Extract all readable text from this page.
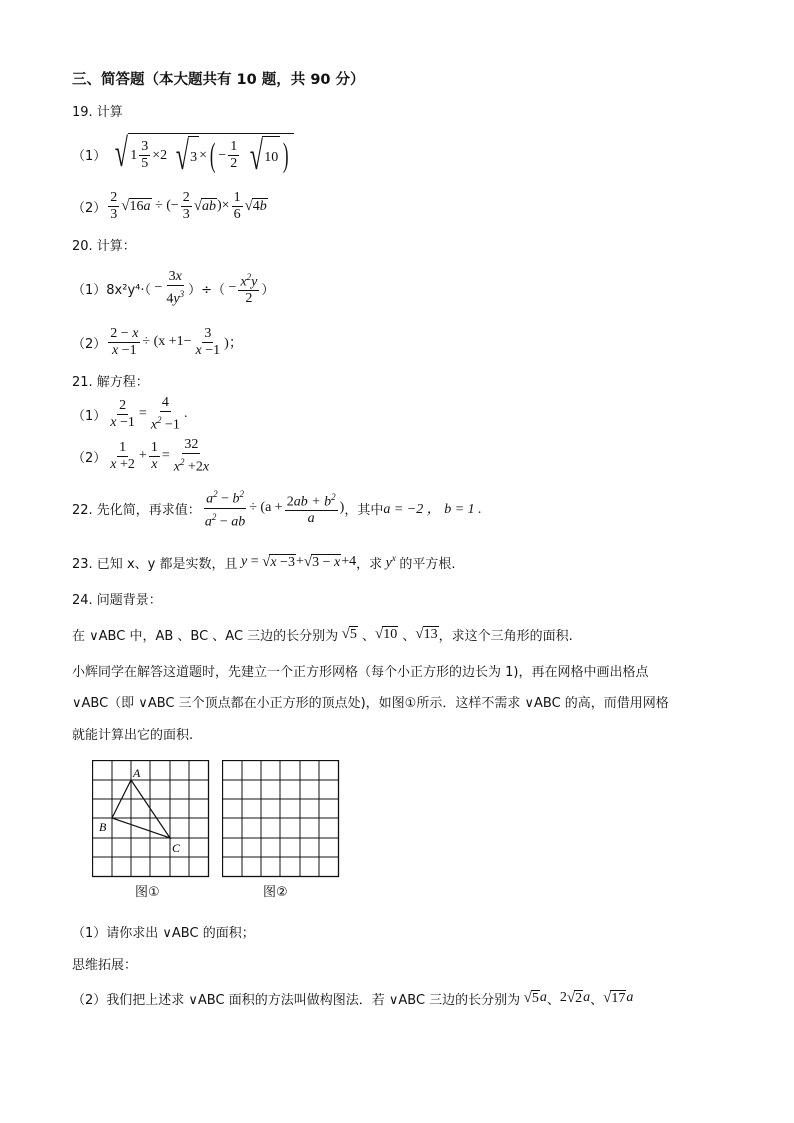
三、简答题（本大题共有 10 题，共 90 分）
19. 计算
（1） √ $1 \frac{3}{5} \times 2$ √ 3 × ( − $\frac{1}{2}$ √ 10 )
$(2) \frac{2}{3}$ √ 16a ÷ (− $\frac{2}{3}$ √ ab )× $\frac{1}{6}$ √ 4b
20. 计算：
（1） $8x^2y^4\cdot( - \frac{3x}{4y^3}$ ）÷（ − $\frac{x^2y}{2}$ ）
$(2) \frac{2 - x}{x -1} \div (x +1- \frac{3}{x -1}$ )；
21. 解方程：
$(1) \frac{2}{x -1} = \frac{4}{x^2 -1}$ .
$(2) \frac{1}{x +2} + \frac{1}{x} = \frac{32}{x^2 +2x}$
22. 先化简，再求值： $\frac{a^2 - b^2}{a^2 - ab} \div (a + \frac{2ab + b^2}{a}$ ) ，其中 a = −2 ， b = 1 .
23. 已知 x、y 都是实数，且 y = √ x −3 + √ 3 − x +4 ，求 $y^x$ 的平方根.
24. 问题背景：
在 ∨ABC 中，AB 、BC 、AC 三边的长分别为
√ 5 、 √ 10 、 √ 13 ，求这个三角形的面积.
小辉同学在解答这道题时，先建立一个正方形网格（每个小正方形的边长为 1)，再在网格中画出格点
∨ABC（即 ∨ABC 三个顶点都在小正方形的顶点处)，如图①所示．这样不需求 ∨ABC 的高，而借用网格
就能计算出它的面积.
A
B
C
图①	图②
（1）请你求出 ∨ABC 的面积；
思维拓展：
（2）我们把上述求 ∨ABC 面积的方法叫做构图法．若 ∨ABC 三边的长分别为
√ 5 a 、 2 √ 2 a 、 √ 17 a
